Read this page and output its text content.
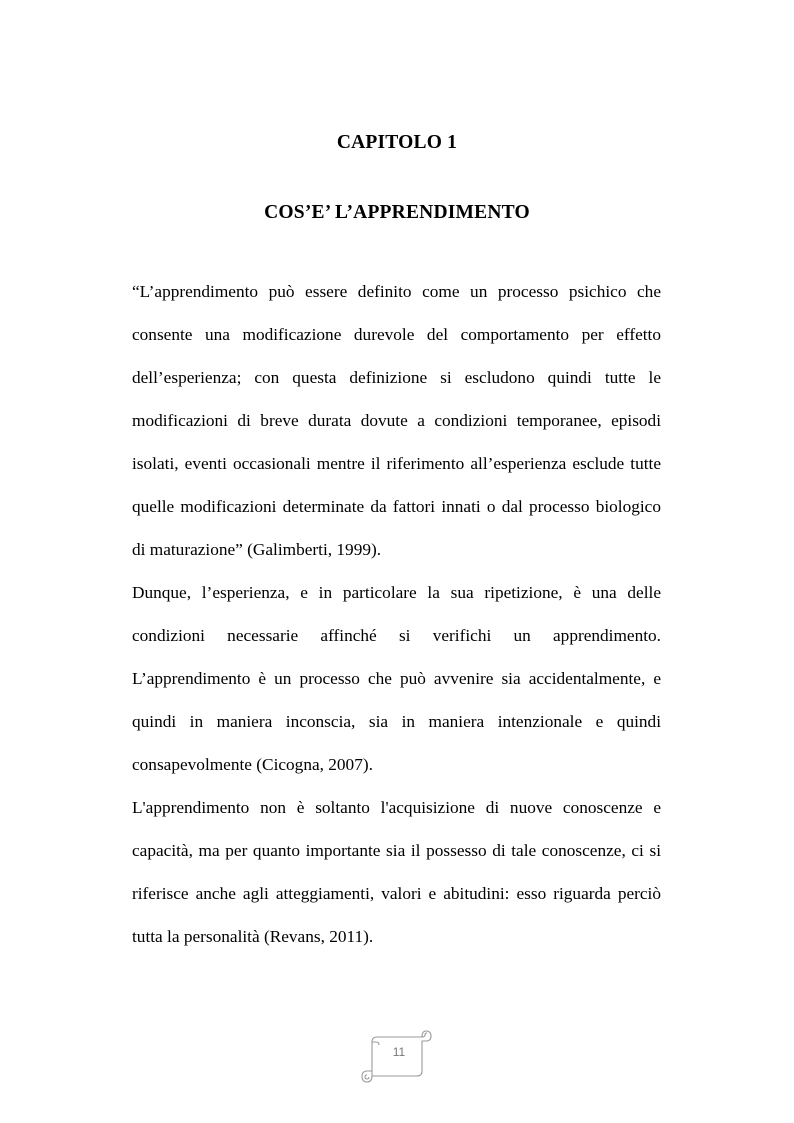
CAPITOLO 1
COS’E’ L’APPRENDIMENTO

“L’apprendimento può essere definito come un processo psichico che consente una modificazione durevole del comportamento per effetto dell’esperienza; con questa definizione si escludono quindi tutte le modificazioni di breve durata dovute a condizioni temporanee, episodi isolati, eventi occasionali mentre il riferimento all’esperienza esclude tutte quelle modificazioni determinate da fattori innati o dal processo biologico di maturazione” (Galimberti, 1999).

Dunque, l’esperienza, e in particolare la sua ripetizione, è una delle condizioni necessarie affinché si verifichi un apprendimento. L’apprendimento è un processo che può avvenire sia accidentalmente, e quindi in maniera inconscia, sia in maniera intenzionale e quindi consapevolmente (Cicogna, 2007).

L'apprendimento non è soltanto l'acquisizione di nuove conoscenze e capacità, ma per quanto importante sia il possesso di tale conoscenze, ci si riferisce anche agli atteggiamenti, valori e abitudini: esso riguarda perciò tutta la personalità (Revans, 2011).

11
